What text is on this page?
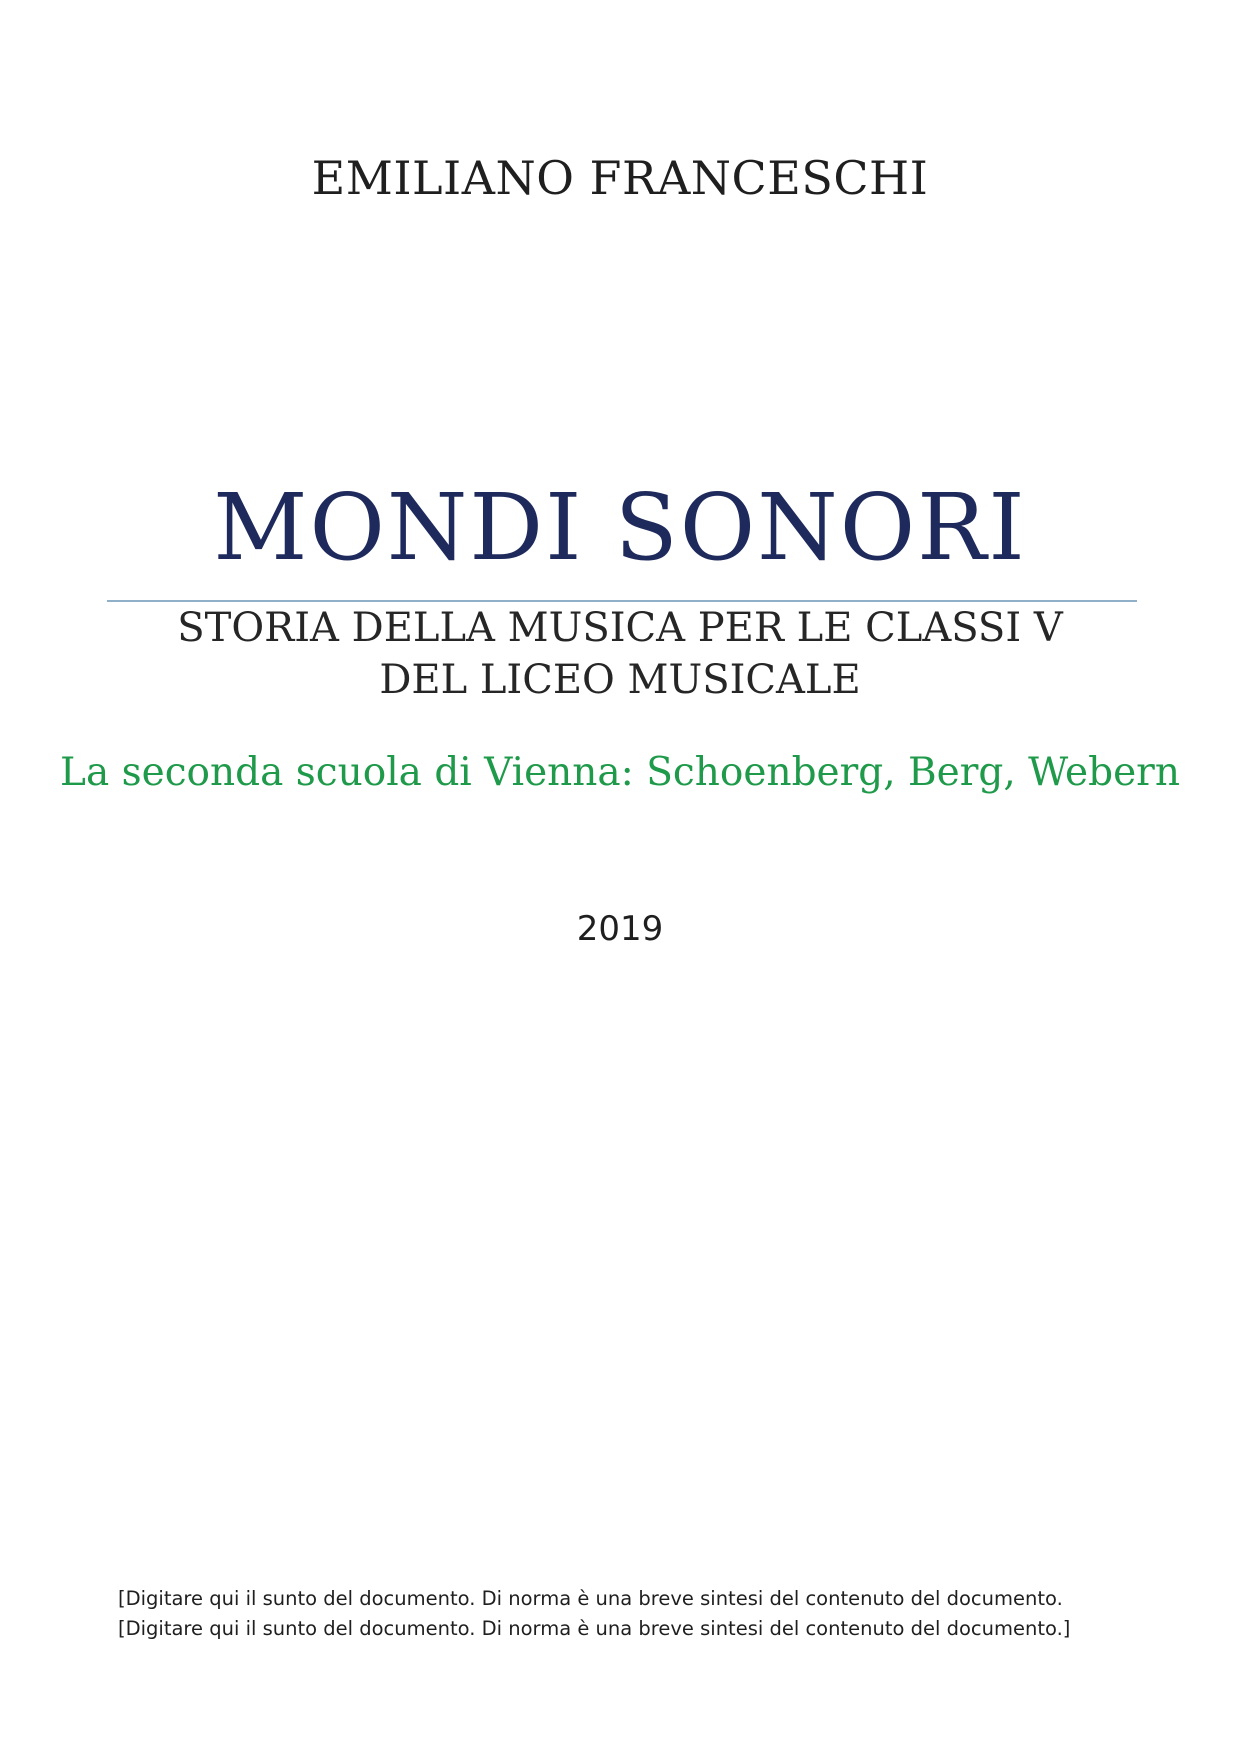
EMILIANO FRANCESCHI
MONDI SONORI
STORIA DELLA MUSICA PER LE CLASSI V DEL LICEO MUSICALE
La seconda scuola di Vienna: Schoenberg, Berg, Webern
2019
[Digitare qui il sunto del documento. Di norma è una breve sintesi del contenuto del documento. [Digitare qui il sunto del documento. Di norma è una breve sintesi del contenuto del documento.]
